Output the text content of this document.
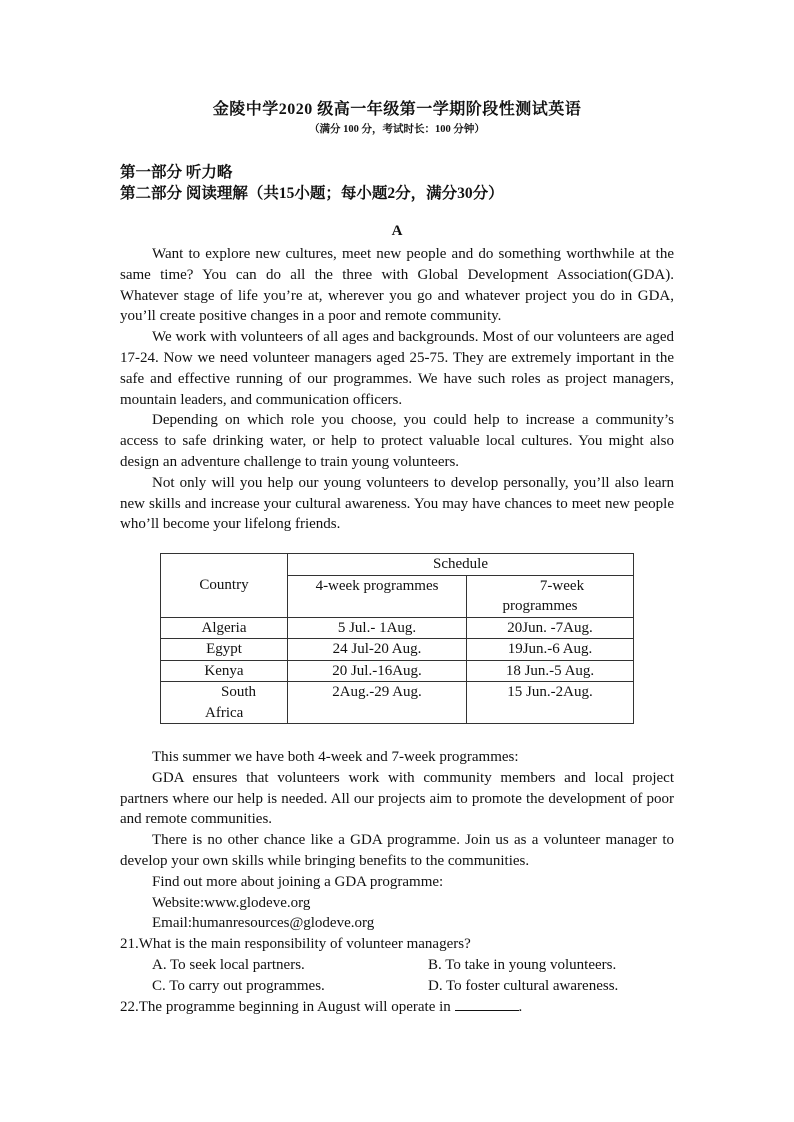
金陵中学2020 级高一年级第一学期阶段性测试英语
（满分 100 分，考试时长：100 分钟）
第一部分 听力略
第二部分 阅读理解（共15小题；每小题2分，满分30分）
A

Want to explore new cultures, meet new people and do something worthwhile at the same time? You can do all the three with Global Development Association(GDA). Whatever stage of life you’re at, wherever you go and whatever project you do in GDA, you’ll create positive changes in a poor and remote community.

We work with volunteers of all ages and backgrounds. Most of our volunteers are aged 17-24. Now we need volunteer managers aged 25-75. They are extremely important in the safe and effective running of our programmes. We have such roles as project managers, mountain leaders, and communication officers.

Depending on which role you choose, you could help to increase a community’s access to safe drinking water, or help to protect valuable local cultures. You might also design an adventure challenge to train young volunteers.

Not only will you help our young volunteers to develop personally, you’ll also learn new skills and increase your cultural awareness. You may have chances to meet new people who’ll become your lifelong friends.

Country	Schedule	
	4-week programmes	7-week
programmes

Algeria	5 Jul.- 1Aug.	20Jun. -7Aug.
Egypt	24 Jul-20 Aug.	19Jun.-6 Aug.
Kenya	20 Jul.-16Aug.	18 Jun.-5 Aug.

South
Africa	2Aug.-29 Aug.	15 Jun.-2Aug.

This summer we have both 4-week and 7-week programmes:

GDA ensures that volunteers work with community members and local project partners where our help is needed. All our projects aim to promote the development of poor and remote communities.

There is no other chance like a GDA programme. Join us as a volunteer manager to develop your own skills while bringing benefits to the communities.

Find out more about joining a GDA programme:

Website:www.glodeve.org

Email:humanresources@glodeve.org

21.What is the main responsibility of volunteer managers?

A. To seek local partners.	B. To take in young volunteers.
C. To carry out programmes.	D. To foster cultural awareness.

22.The programme beginning in August will operate in	.
